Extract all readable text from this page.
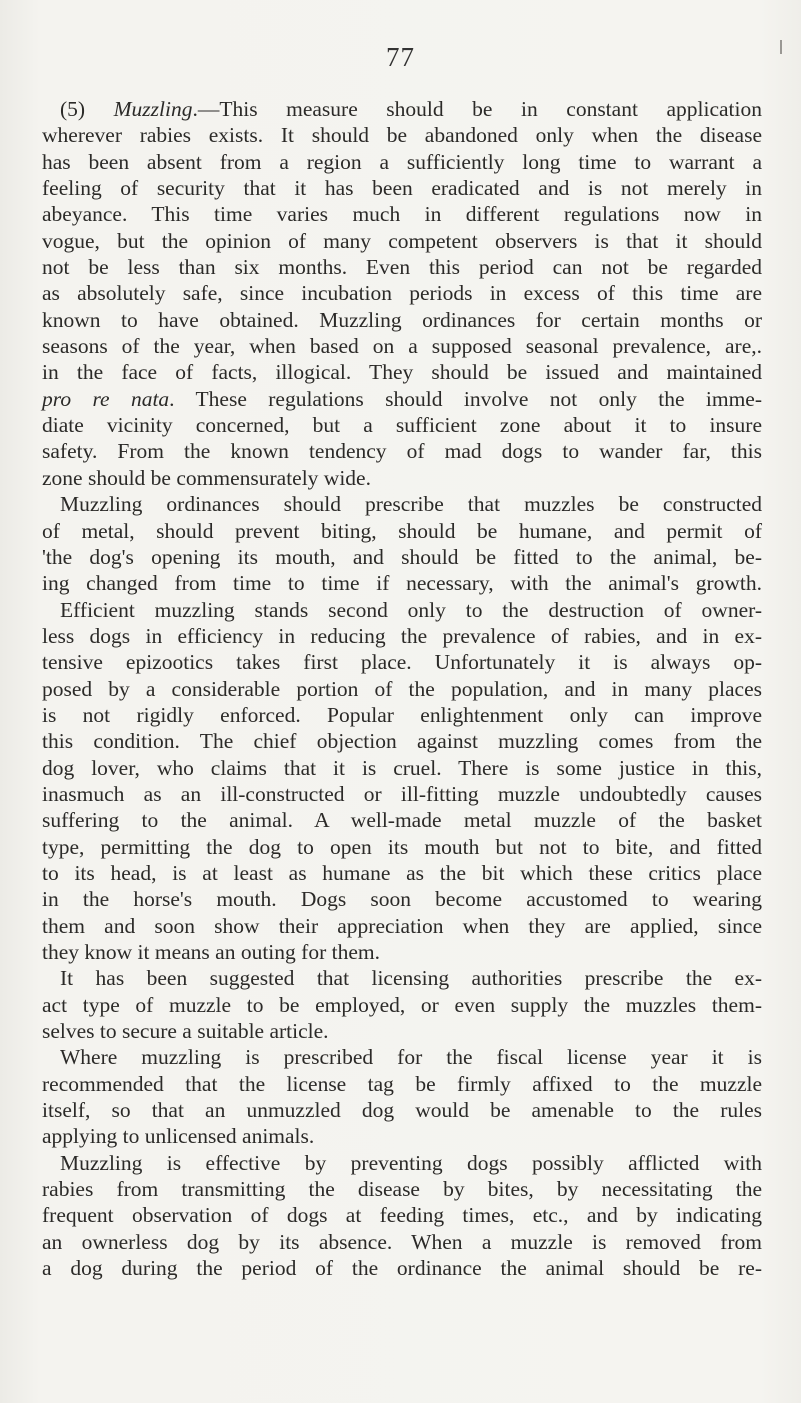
77
(5) Muzzling.—This measure should be in constant application
wherever rabies exists. It should be abandoned only when the disease
has been absent from a region a sufficiently long time to warrant a
feeling of security that it has been eradicated and is not merely in
abeyance. This time varies much in different regulations now in
vogue, but the opinion of many competent observers is that it should
not be less than six months. Even this period can not be regarded
as absolutely safe, since incubation periods in excess of this time are
known to have obtained. Muzzling ordinances for certain months or
seasons of the year, when based on a supposed seasonal prevalence, are,.
in the face of facts, illogical. They should be issued and maintained
pro re nata. These regulations should involve not only the imme-
diate vicinity concerned, but a sufficient zone about it to insure
safety. From the known tendency of mad dogs to wander far, this
zone should be commensurately wide.
Muzzling ordinances should prescribe that muzzles be constructed
of metal, should prevent biting, should be humane, and permit of
'the dog's opening its mouth, and should be fitted to the animal, be-
ing changed from time to time if necessary, with the animal's growth.
Efficient muzzling stands second only to the destruction of owner-
less dogs in efficiency in reducing the prevalence of rabies, and in ex-
tensive epizootics takes first place. Unfortunately it is always op-
posed by a considerable portion of the population, and in many places
is not rigidly enforced. Popular enlightenment only can improve
this condition. The chief objection against muzzling comes from the
dog lover, who claims that it is cruel. There is some justice in this,
inasmuch as an ill-constructed or ill-fitting muzzle undoubtedly causes
suffering to the animal. A well-made metal muzzle of the basket
type, permitting the dog to open its mouth but not to bite, and fitted
to its head, is at least as humane as the bit which these critics place
in the horse's mouth. Dogs soon become accustomed to wearing
them and soon show their appreciation when they are applied, since
they know it means an outing for them.
It has been suggested that licensing authorities prescribe the ex-
act type of muzzle to be employed, or even supply the muzzles them-
selves to secure a suitable article.
Where muzzling is prescribed for the fiscal license year it is
recommended that the license tag be firmly affixed to the muzzle
itself, so that an unmuzzled dog would be amenable to the rules
applying to unlicensed animals.
Muzzling is effective by preventing dogs possibly afflicted with
rabies from transmitting the disease by bites, by necessitating the
frequent observation of dogs at feeding times, etc., and by indicating
an ownerless dog by its absence. When a muzzle is removed from
a dog during the period of the ordinance the animal should be re-
